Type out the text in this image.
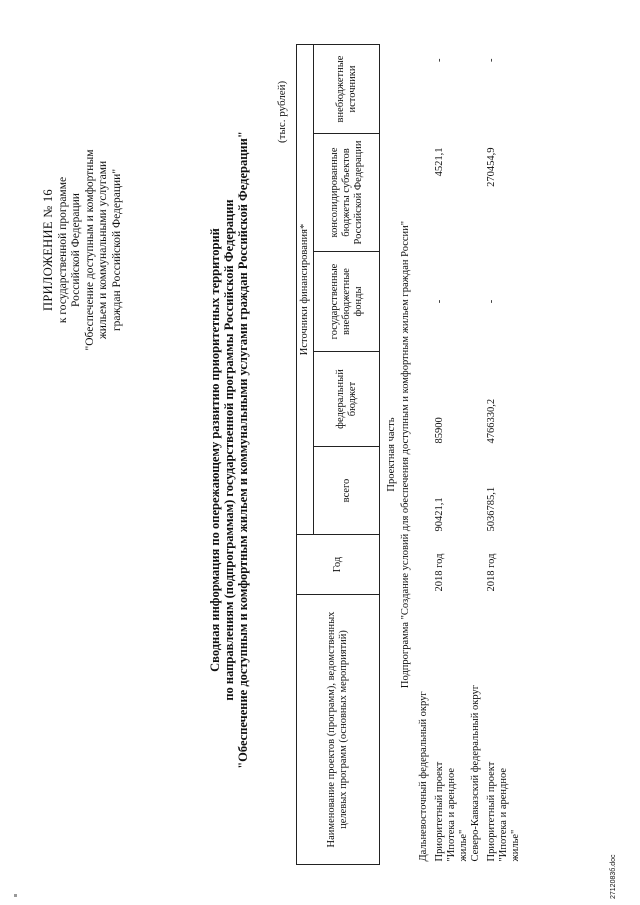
ПРИЛОЖЕНИЕ № 16 к государственной программе Российской Федерации "Обеспечение доступным и комфортным жильем и коммунальными услугами граждан Российской Федерации"	Сводная информация по опережающему развитию приоритетных территорий по направлениям (подпрограммам) государственной программы Российской Федерации "Обеспечение доступным и комфортным жильем и коммунальными услугами граждан Российской Федерации"
(тыс. рублей)
Наименование проектов (программ), ведомственных целевых программ (основных мероприятий)	Год	Источники финансирования*				
		всего	федеральный бюджет	государственные внебюджетные фонды	консолидированные бюджеты субъектов Российской Федерации	внебюджетные источники
Проектная часть						
Подпрограмма "Создание условий для обеспечения доступным и комфортным жильем граждан России"						
Дальневосточный федеральный округ						
Приоритетный проект "Ипотека и арендное жилье"	2018 год	90421,1	85900	-	4521,1	-
Северо-Кавказский федеральный округ						
Приоритетный проект "Ипотека и арендное жилье"	2018 год	5036785,1	4766330,2	-	270454,9	-
2712083б.doc
